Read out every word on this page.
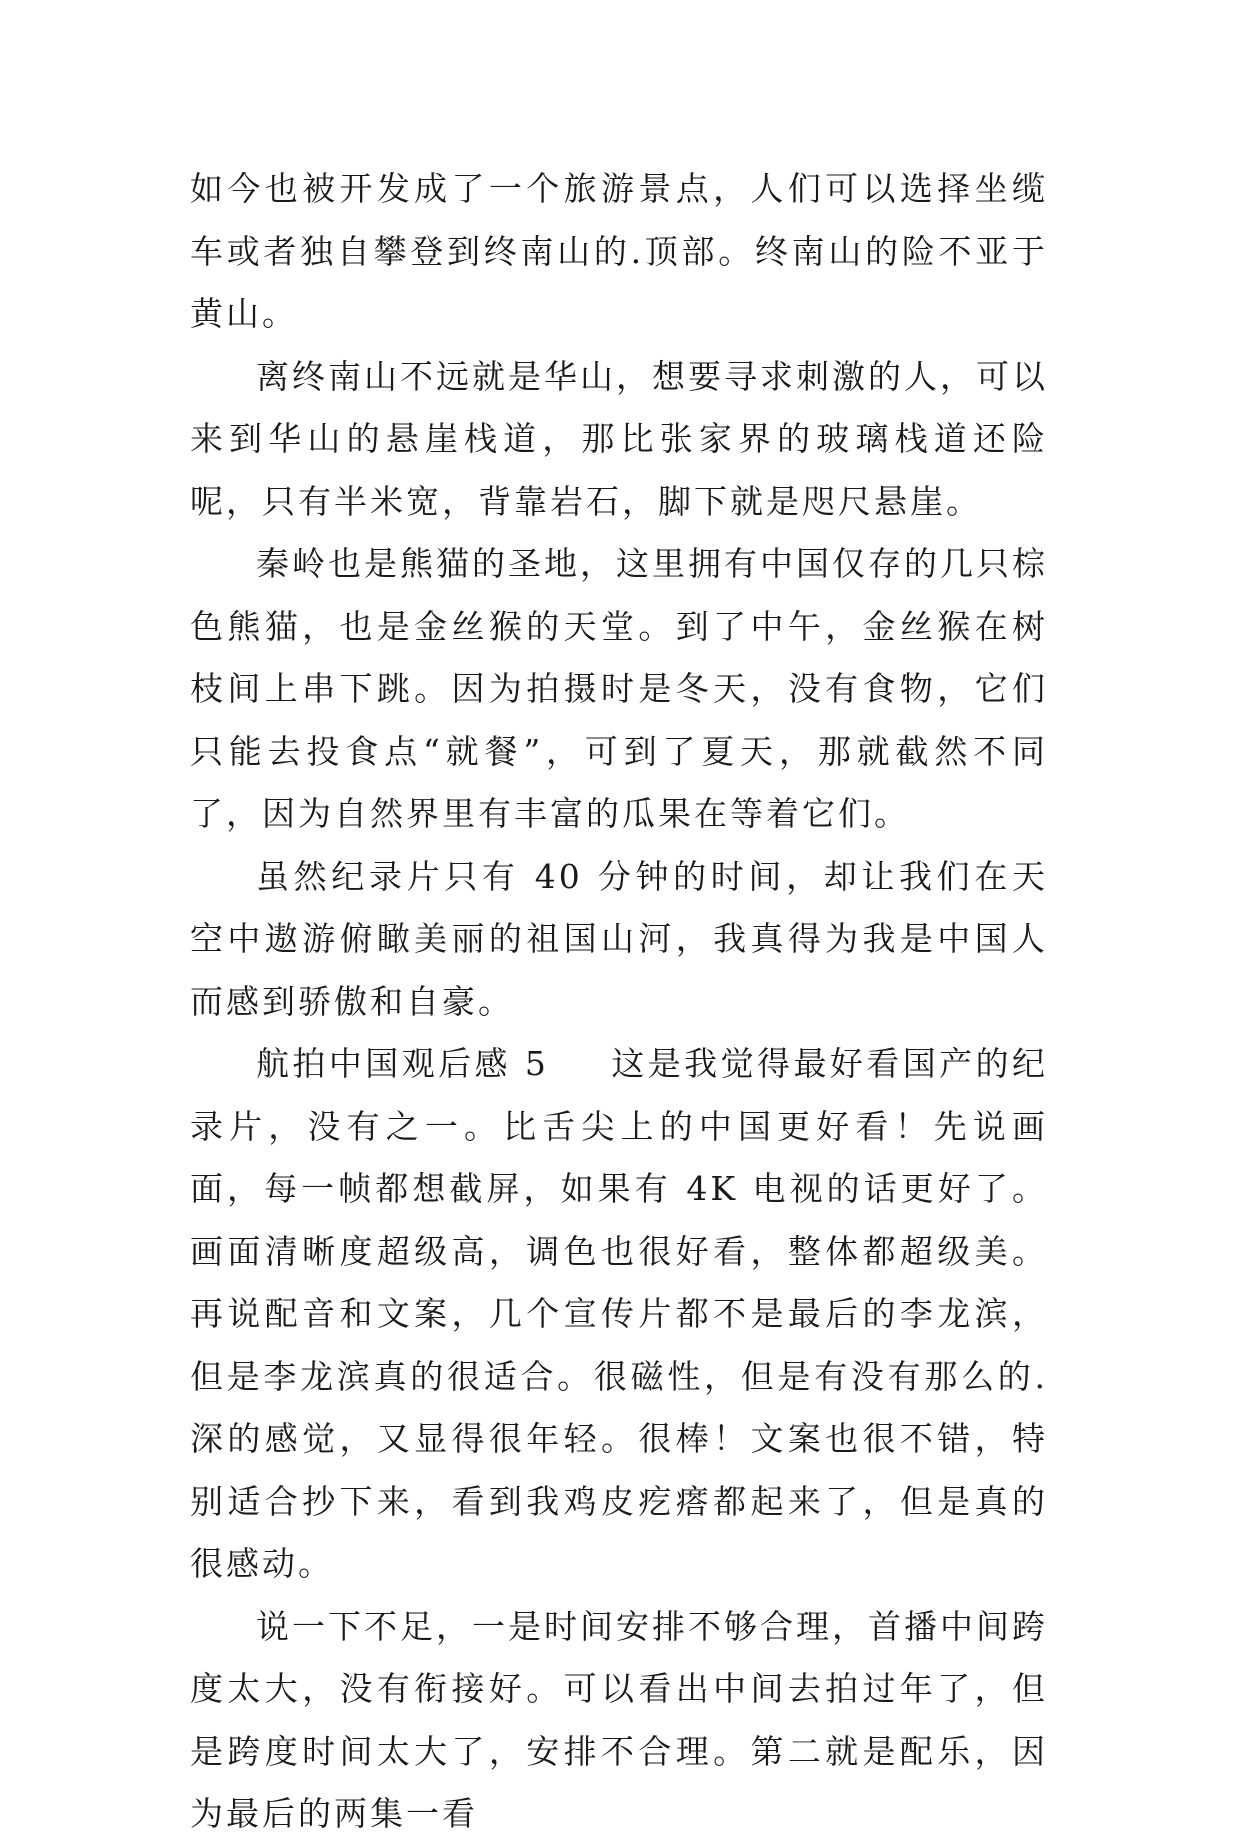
如今也被开发成了一个旅游景点，人们可以选择坐缆车或者独自攀登到终南山的.顶部。终南山的险不亚于黄山。

离终南山不远就是华山，想要寻求刺激的人，可以来到华山的悬崖栈道，那比张家界的玻璃栈道还险呢，只有半米宽，背靠岩石，脚下就是咫尺悬崖。

秦岭也是熊猫的圣地，这里拥有中国仅存的几只棕色熊猫，也是金丝猴的天堂。到了中午，金丝猴在树枝间上串下跳。因为拍摄时是冬天，没有食物，它们只能去投食点“就餐”，可到了夏天，那就截然不同了，因为自然界里有丰富的瓜果在等着它们。

虽然纪录片只有 40 分钟的时间，却让我们在天空中遨游俯瞰美丽的祖国山河，我真得为我是中国人而感到骄傲和自豪。

航拍中国观后感 5 这是我觉得最好看国产的纪录片，没有之一。比舌尖上的中国更好看！先说画面，每一帧都想截屏，如果有 4K 电视的话更好了。画面清晰度超级高，调色也很好看，整体都超级美。再说配音和文案，几个宣传片都不是最后的李龙滨，但是李龙滨真的很适合。很磁性，但是有没有那么的.深的感觉，又显得很年轻。很棒！文案也很不错，特别适合抄下来，看到我鸡皮疙瘩都起来了，但是真的很感动。

说一下不足，一是时间安排不够合理，首播中间跨度太大，没有衔接好。可以看出中间去拍过年了，但是跨度时间太大了，安排不合理。第二就是配乐，因为最后的两集一看
